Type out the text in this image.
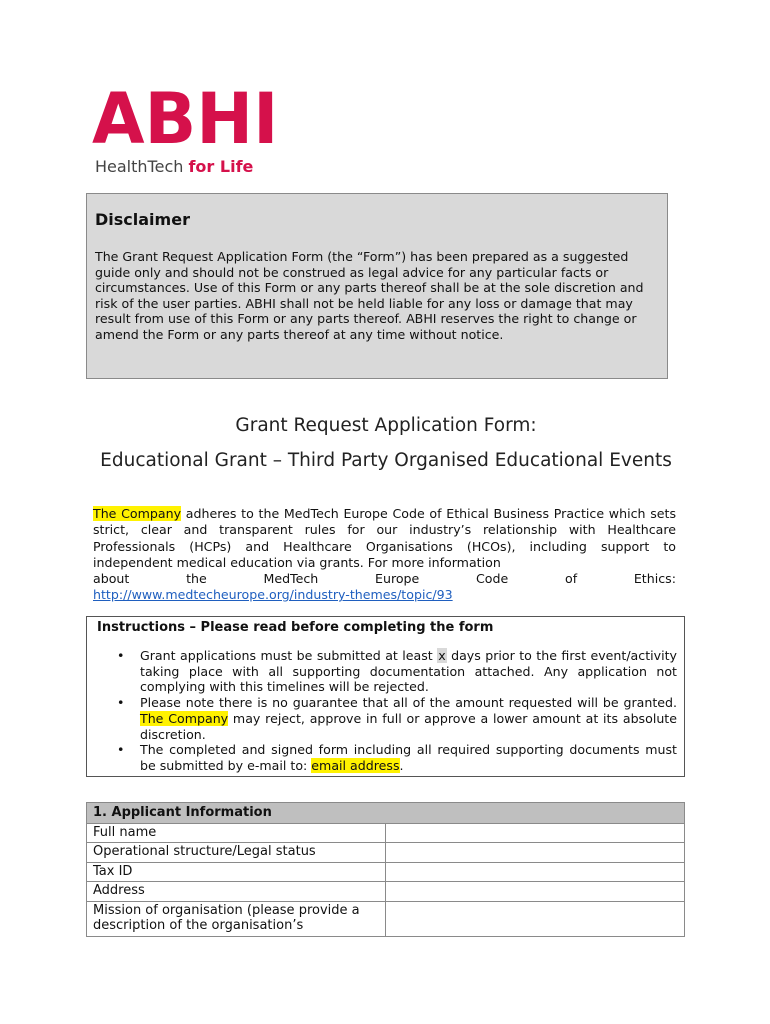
ABHI
HealthTech for Life
Disclaimer
The Grant Request Application Form (the “Form”) has been prepared as a suggested guide only and should not be construed as legal advice for any particular facts or circumstances. Use of this Form or any parts thereof shall be at the sole discretion and risk of the user parties. ABHI shall not be held liable for any loss or damage that may result from use of this Form or any parts thereof. ABHI reserves the right to change or amend the Form or any parts thereof at any time without notice.
Grant Request Application Form:
Educational Grant – Third Party Organised Educational Events
The Company adheres to the MedTech Europe Code of Ethical Business Practice which sets strict, clear and transparent rules for our industry’s relationship with Healthcare Professionals (HCPs) and Healthcare Organisations (HCOs), including support to independent medical education via grants. For more information
about	the	MedTech	Europe	Code	of	Ethics:
http://www.medtecheurope.org/industry-themes/topic/93
Instructions – Please read before completing the form
• Grant applications must be submitted at least x days prior to the first event/activity taking place with all supporting documentation attached. Any application not complying with this timelines will be rejected.
• Please note there is no guarantee that all of the amount requested will be granted. The Company may reject, approve in full or approve a lower amount at its absolute discretion.
• The completed and signed form including all required supporting documents must be submitted by e-mail to: email address.
1. Applicant Information	
Full name	
Operational structure/Legal status	
Tax ID	
Address	
Mission of organisation (please provide a description of the organisation’s	
